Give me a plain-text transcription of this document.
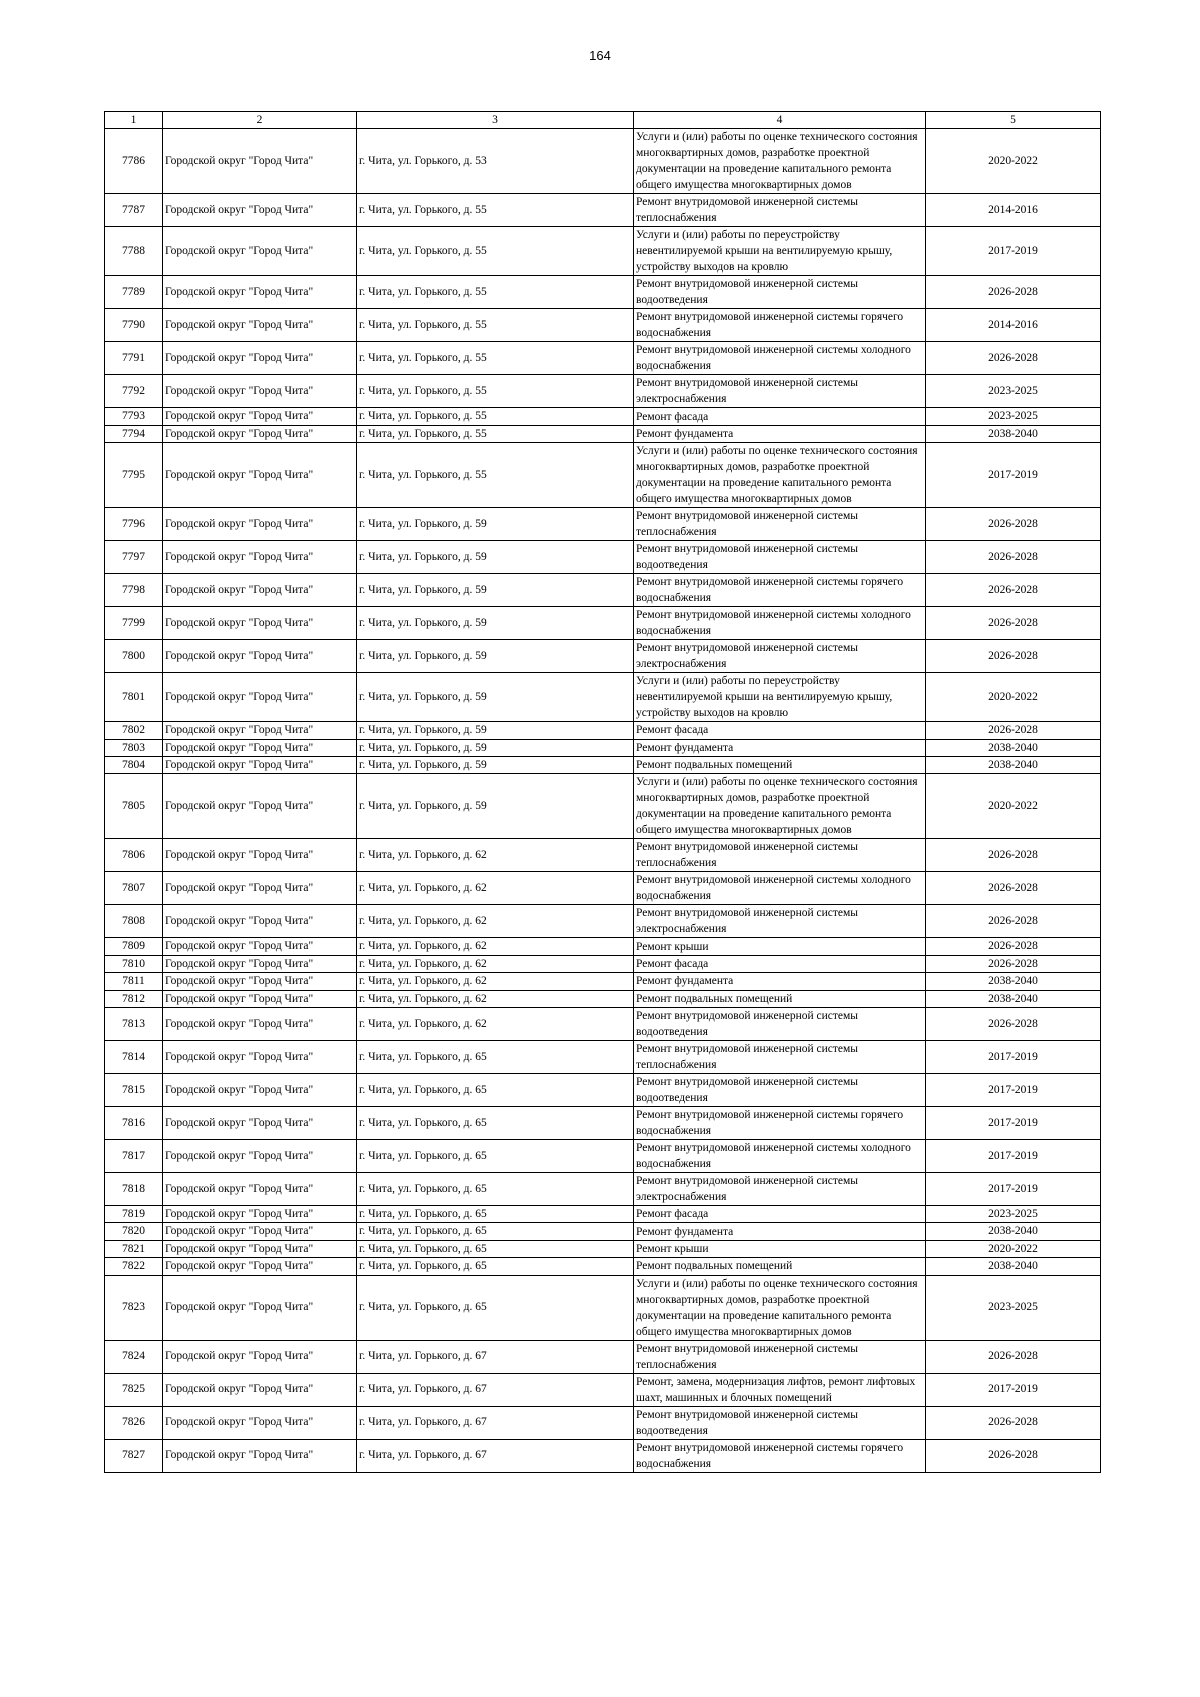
164
1	2	3	4	5
7786	Городской округ "Город Чита"	г. Чита, ул. Горького, д. 53	Услуги и (или) работы по оценке технического состояния многоквартирных домов, разработке проектной документации на проведение капитального ремонта общего имущества многоквартирных домов	2020-2022
7787	Городской округ "Город Чита"	г. Чита, ул. Горького, д. 55	Ремонт внутридомовой инженерной системы теплоснабжения	2014-2016
7788	Городской округ "Город Чита"	г. Чита, ул. Горького, д. 55	Услуги и (или) работы по переустройству невентилируемой крыши на вентилируемую крышу, устройству выходов на кровлю	2017-2019
7789	Городской округ "Город Чита"	г. Чита, ул. Горького, д. 55	Ремонт внутридомовой инженерной системы водоотведения	2026-2028
7790	Городской округ "Город Чита"	г. Чита, ул. Горького, д. 55	Ремонт внутридомовой инженерной системы горячего водоснабжения	2014-2016
7791	Городской округ "Город Чита"	г. Чита, ул. Горького, д. 55	Ремонт внутридомовой инженерной системы холодного водоснабжения	2026-2028
7792	Городской округ "Город Чита"	г. Чита, ул. Горького, д. 55	Ремонт внутридомовой инженерной системы электроснабжения	2023-2025
7793	Городской округ "Город Чита"	г. Чита, ул. Горького, д. 55	Ремонт фасада	2023-2025
7794	Городской округ "Город Чита"	г. Чита, ул. Горького, д. 55	Ремонт фундамента	2038-2040
7795	Городской округ "Город Чита"	г. Чита, ул. Горького, д. 55	Услуги и (или) работы по оценке технического состояния многоквартирных домов, разработке проектной документации на проведение капитального ремонта общего имущества многоквартирных домов	2017-2019
7796	Городской округ "Город Чита"	г. Чита, ул. Горького, д. 59	Ремонт внутридомовой инженерной системы теплоснабжения	2026-2028
7797	Городской округ "Город Чита"	г. Чита, ул. Горького, д. 59	Ремонт внутридомовой инженерной системы водоотведения	2026-2028
7798	Городской округ "Город Чита"	г. Чита, ул. Горького, д. 59	Ремонт внутридомовой инженерной системы горячего водоснабжения	2026-2028
7799	Городской округ "Город Чита"	г. Чита, ул. Горького, д. 59	Ремонт внутридомовой инженерной системы холодного водоснабжения	2026-2028
7800	Городской округ "Город Чита"	г. Чита, ул. Горького, д. 59	Ремонт внутридомовой инженерной системы электроснабжения	2026-2028
7801	Городской округ "Город Чита"	г. Чита, ул. Горького, д. 59	Услуги и (или) работы по переустройству невентилируемой крыши на вентилируемую крышу, устройству выходов на кровлю	2020-2022
7802	Городской округ "Город Чита"	г. Чита, ул. Горького, д. 59	Ремонт фасада	2026-2028
7803	Городской округ "Город Чита"	г. Чита, ул. Горького, д. 59	Ремонт фундамента	2038-2040
7804	Городской округ "Город Чита"	г. Чита, ул. Горького, д. 59	Ремонт подвальных помещений	2038-2040
7805	Городской округ "Город Чита"	г. Чита, ул. Горького, д. 59	Услуги и (или) работы по оценке технического состояния многоквартирных домов, разработке проектной документации на проведение капитального ремонта общего имущества многоквартирных домов	2020-2022
7806	Городской округ "Город Чита"	г. Чита, ул. Горького, д. 62	Ремонт внутридомовой инженерной системы теплоснабжения	2026-2028
7807	Городской округ "Город Чита"	г. Чита, ул. Горького, д. 62	Ремонт внутридомовой инженерной системы холодного водоснабжения	2026-2028
7808	Городской округ "Город Чита"	г. Чита, ул. Горького, д. 62	Ремонт внутридомовой инженерной системы электроснабжения	2026-2028
7809	Городской округ "Город Чита"	г. Чита, ул. Горького, д. 62	Ремонт крыши	2026-2028
7810	Городской округ "Город Чита"	г. Чита, ул. Горького, д. 62	Ремонт фасада	2026-2028
7811	Городской округ "Город Чита"	г. Чита, ул. Горького, д. 62	Ремонт фундамента	2038-2040
7812	Городской округ "Город Чита"	г. Чита, ул. Горького, д. 62	Ремонт подвальных помещений	2038-2040
7813	Городской округ "Город Чита"	г. Чита, ул. Горького, д. 62	Ремонт внутридомовой инженерной системы водоотведения	2026-2028
7814	Городской округ "Город Чита"	г. Чита, ул. Горького, д. 65	Ремонт внутридомовой инженерной системы теплоснабжения	2017-2019
7815	Городской округ "Город Чита"	г. Чита, ул. Горького, д. 65	Ремонт внутридомовой инженерной системы водоотведения	2017-2019
7816	Городской округ "Город Чита"	г. Чита, ул. Горького, д. 65	Ремонт внутридомовой инженерной системы горячего водоснабжения	2017-2019
7817	Городской округ "Город Чита"	г. Чита, ул. Горького, д. 65	Ремонт внутридомовой инженерной системы холодного водоснабжения	2017-2019
7818	Городской округ "Город Чита"	г. Чита, ул. Горького, д. 65	Ремонт внутридомовой инженерной системы электроснабжения	2017-2019
7819	Городской округ "Город Чита"	г. Чита, ул. Горького, д. 65	Ремонт фасада	2023-2025
7820	Городской округ "Город Чита"	г. Чита, ул. Горького, д. 65	Ремонт фундамента	2038-2040
7821	Городской округ "Город Чита"	г. Чита, ул. Горького, д. 65	Ремонт крыши	2020-2022
7822	Городской округ "Город Чита"	г. Чита, ул. Горького, д. 65	Ремонт подвальных помещений	2038-2040
7823	Городской округ "Город Чита"	г. Чита, ул. Горького, д. 65	Услуги и (или) работы по оценке технического состояния многоквартирных домов, разработке проектной документации на проведение капитального ремонта общего имущества многоквартирных домов	2023-2025
7824	Городской округ "Город Чита"	г. Чита, ул. Горького, д. 67	Ремонт внутридомовой инженерной системы теплоснабжения	2026-2028
7825	Городской округ "Город Чита"	г. Чита, ул. Горького, д. 67	Ремонт, замена, модернизация лифтов, ремонт лифтовых шахт, машинных и блочных помещений	2017-2019
7826	Городской округ "Город Чита"	г. Чита, ул. Горького, д. 67	Ремонт внутридомовой инженерной системы водоотведения	2026-2028
7827	Городской округ "Город Чита"	г. Чита, ул. Горького, д. 67	Ремонт внутридомовой инженерной системы горячего водоснабжения	2026-2028
